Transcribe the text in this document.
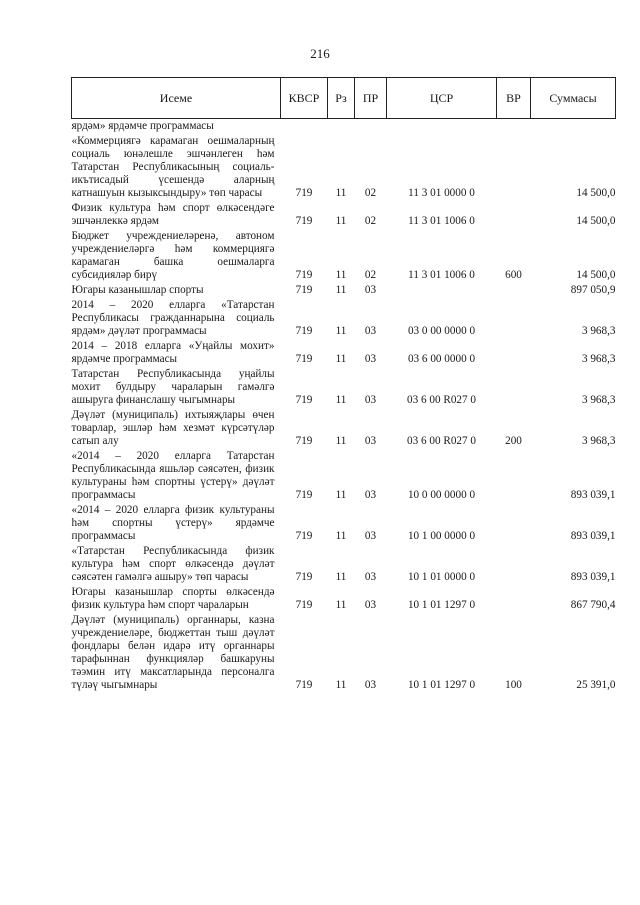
216
Исеме	КВСР	Рз	ПР	ЦСР	ВР	Суммасы
ярдәм» ярдәмче программасы						
«Коммерциягә карамаган оешмаларның социаль юнәлешле эшчәнлеген һәм Татарстан Республикасының социаль-икътисадый үсешендә аларның катнашуын кызыксындыру» төп чарасы	719	11	02	11 3 01 0000 0		14 500,0
Физик культура һәм спорт өлкәсендәге эшчәнлеккә ярдәм	719	11	02	11 3 01 1006 0		14 500,0
Бюджет учреждениеләренә, автоном учреждениеләргә һәм коммерциягә карамаган башка оешмаларга субсидияләр бирү	719	11	02	11 3 01 1006 0	600	14 500,0
Югары казанышлар спорты	719	11	03			897 050,9
2014 – 2020 елларга «Татарстан Республикасы гражданнарына социаль ярдәм» дәүләт программасы	719	11	03	03 0 00 0000 0		3 968,3
2014 – 2018 елларга «Уңайлы мохит» ярдәмче программасы	719	11	03	03 6 00 0000 0		3 968,3
Татарстан Республикасында уңайлы мохит булдыру чараларын гамәлгә ашыруга финанслашу чыгымнары	719	11	03	03 6 00 R027 0		3 968,3
Дәүләт (муниципаль) ихтыяҗлары өчен товарлар, эшләр һәм хезмәт күрсәтүләр сатып алу	719	11	03	03 6 00 R027 0	200	3 968,3
«2014 – 2020 елларга Татарстан Республикасында яшьләр сәясәтен, физик культураны һәм спортны үстерү» дәүләт программасы	719	11	03	10 0 00 0000 0		893 039,1
«2014 – 2020 елларга физик культураны һәм спортны үстерү» ярдәмче программасы	719	11	03	10 1 00 0000 0		893 039,1
«Татарстан Республикасында физик культура һәм спорт өлкәсендә дәүләт сәясәтен гамәлгә ашыру» төп чарасы	719	11	03	10 1 01 0000 0		893 039,1
Югары казанышлар спорты өлкәсендә физик культура һәм спорт чараларын	719	11	03	10 1 01 1297 0		867 790,4
Дәүләт (муниципаль) органнары, казна учреждениеләре, бюджеттан тыш дәүләт фондлары белән идарә итү органнары тарафыннан функцияләр башкаруны тәэмин итү максатларында персоналга түләү чыгымнары	719	11	03	10 1 01 1297 0	100	25 391,0
